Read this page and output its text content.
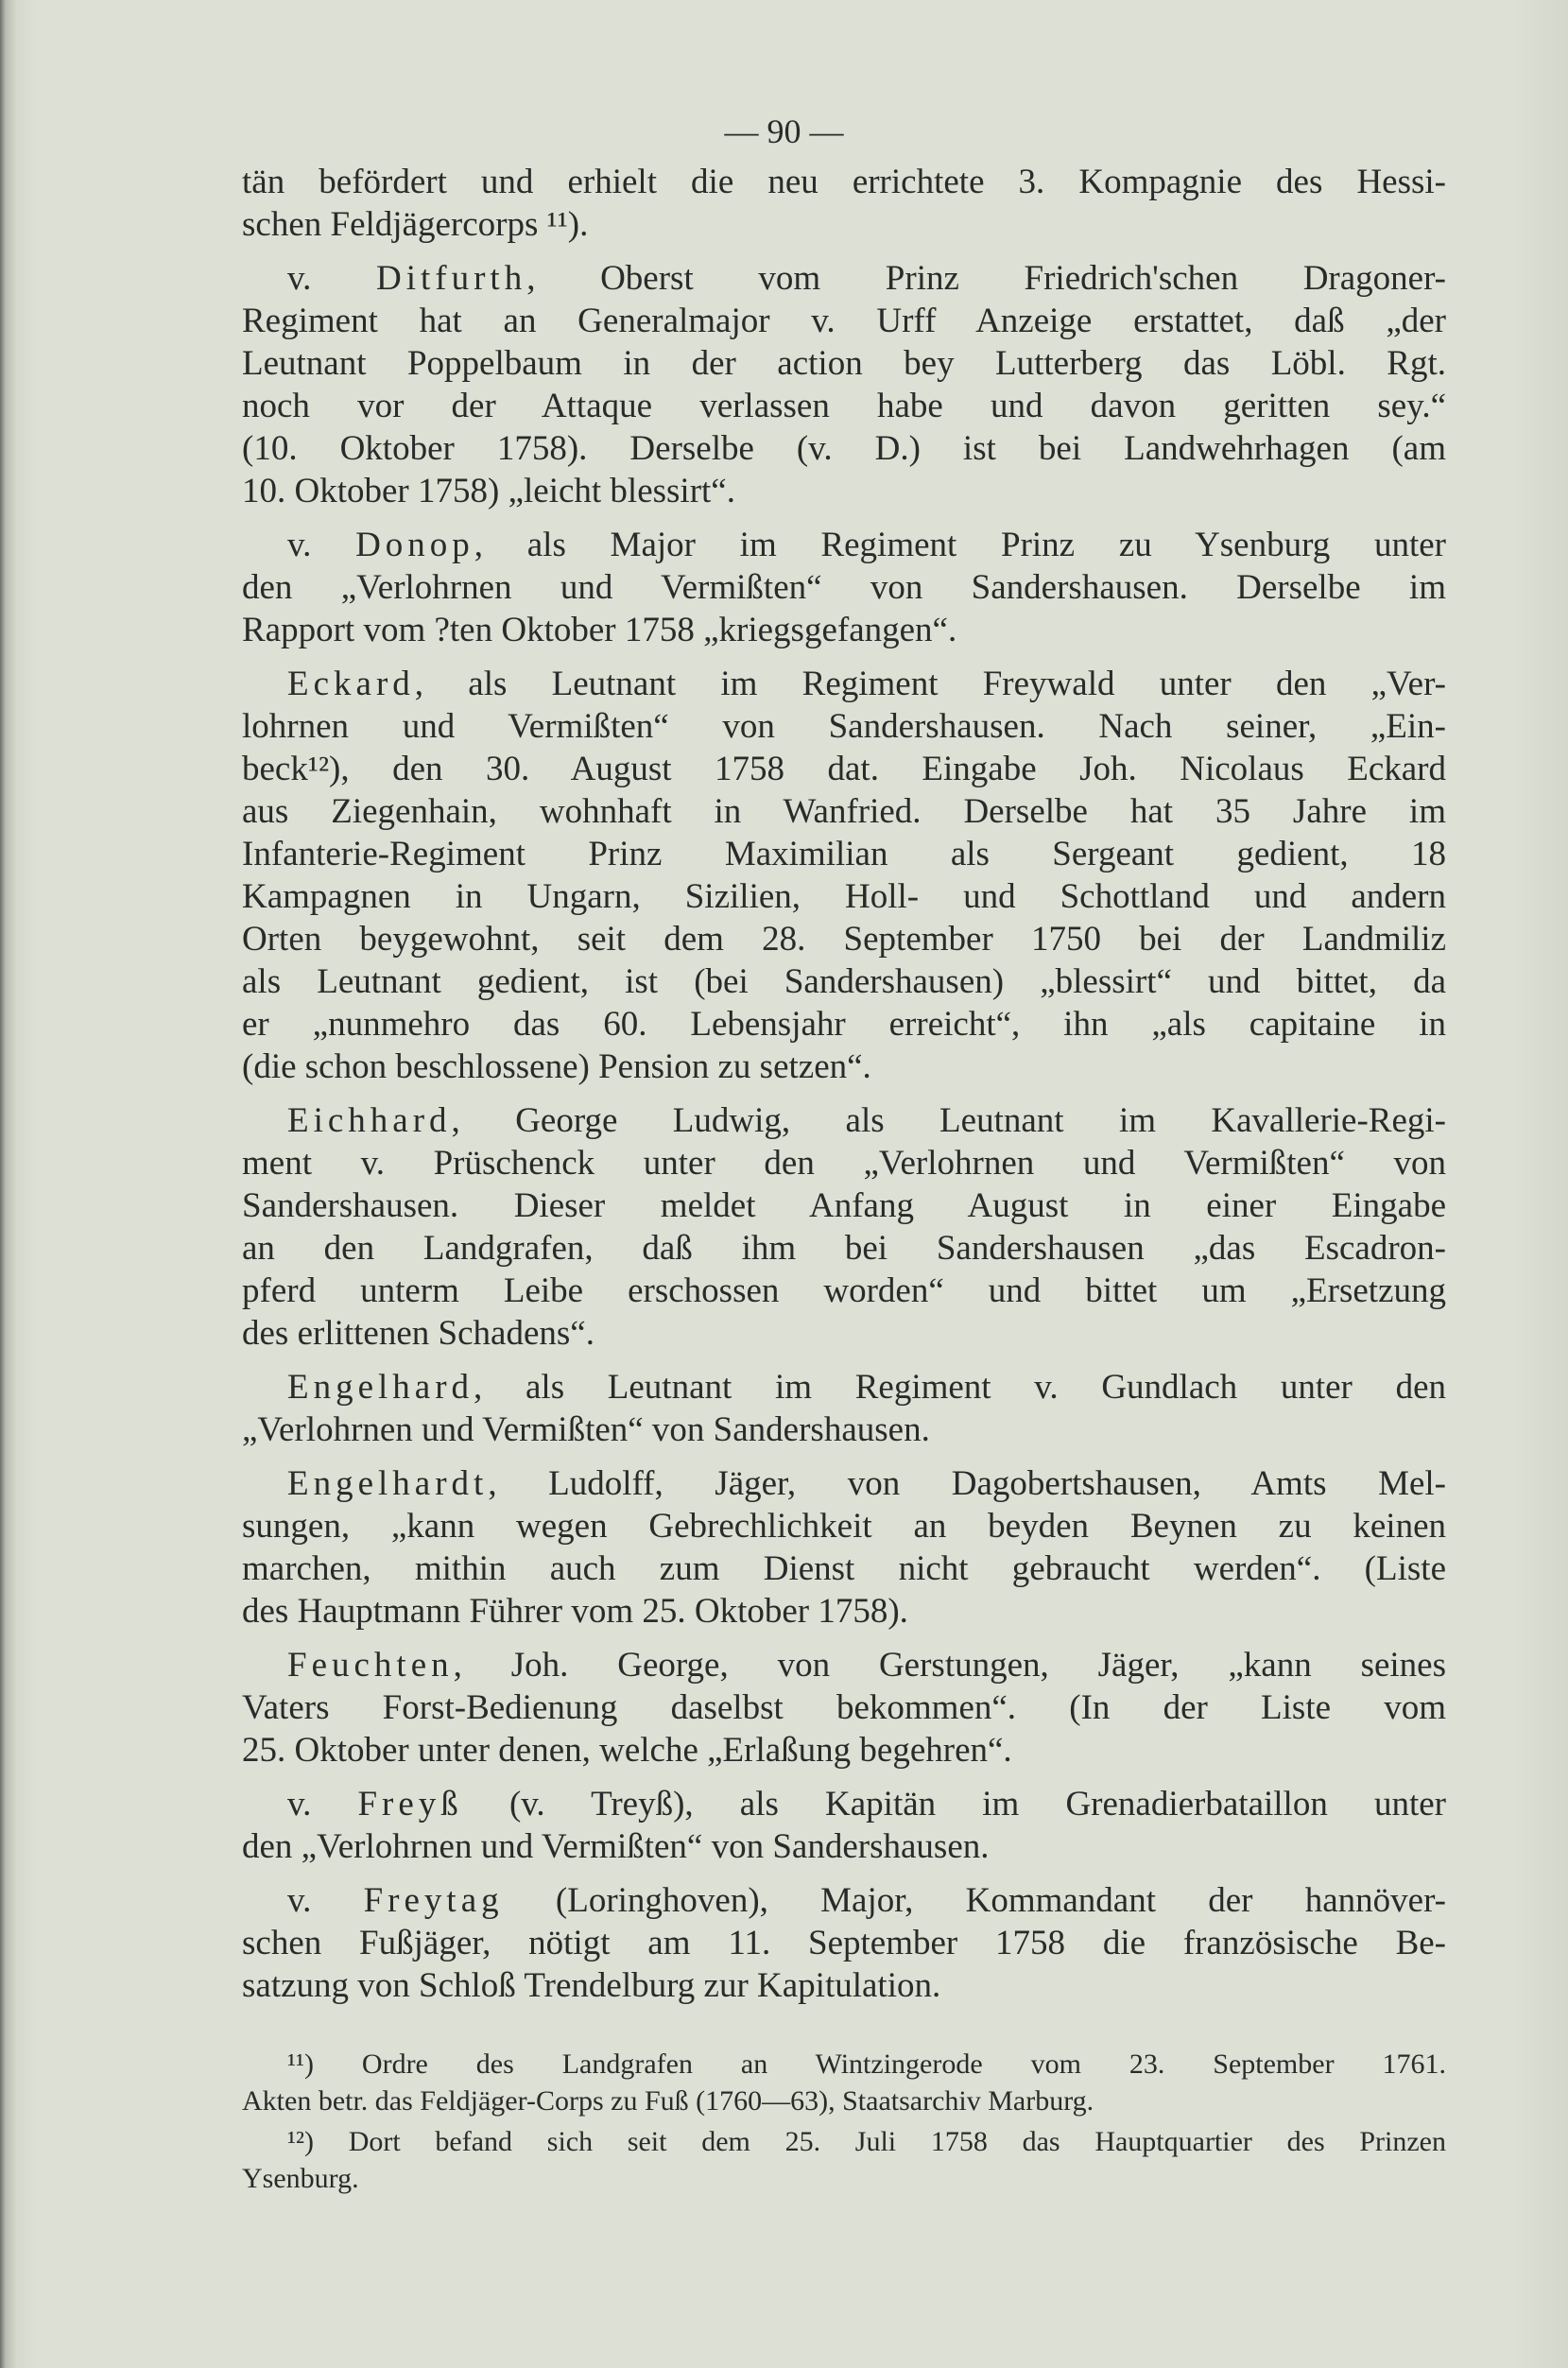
— 90 —
tän befördert und erhielt die neu errichtete 3. Kompagnie des Hessi-
schen Feldjägercorps ¹¹).
v. Ditfurth, Oberst vom Prinz Friedrich'schen Dragoner-
Regiment hat an Generalmajor v. Urff Anzeige erstattet, daß „der
Leutnant Poppelbaum in der action bey Lutterberg das Löbl. Rgt.
noch vor der Attaque verlassen habe und davon geritten sey.“
(10. Oktober 1758). Derselbe (v. D.) ist bei Landwehrhagen (am
10. Oktober 1758) „leicht blessirt“.
v. Donop, als Major im Regiment Prinz zu Ysenburg unter
den „Verlohrnen und Vermißten“ von Sandershausen. Derselbe im
Rapport vom ?ten Oktober 1758 „kriegsgefangen“.
Eckard, als Leutnant im Regiment Freywald unter den „Ver-
lohrnen und Vermißten“ von Sandershausen. Nach seiner, „Ein-
beck¹²), den 30. August 1758 dat. Eingabe Joh. Nicolaus Eckard
aus Ziegenhain, wohnhaft in Wanfried. Derselbe hat 35 Jahre im
Infanterie-Regiment Prinz Maximilian als Sergeant gedient, 18
Kampagnen in Ungarn, Sizilien, Holl- und Schottland und andern
Orten beygewohnt, seit dem 28. September 1750 bei der Landmiliz
als Leutnant gedient, ist (bei Sandershausen) „blessirt“ und bittet, da
er „nunmehro das 60. Lebensjahr erreicht“, ihn „als capitaine in
(die schon beschlossene) Pension zu setzen“.
Eichhard, George Ludwig, als Leutnant im Kavallerie-Regi-
ment v. Prüschenck unter den „Verlohrnen und Vermißten“ von
Sandershausen. Dieser meldet Anfang August in einer Eingabe
an den Landgrafen, daß ihm bei Sandershausen „das Escadron-
pferd unterm Leibe erschossen worden“ und bittet um „Ersetzung
des erlittenen Schadens“.
Engelhard, als Leutnant im Regiment v. Gundlach unter den
„Verlohrnen und Vermißten“ von Sandershausen.
Engelhardt, Ludolff, Jäger, von Dagobertshausen, Amts Mel-
sungen, „kann wegen Gebrechlichkeit an beyden Beynen zu keinen
marchen, mithin auch zum Dienst nicht gebraucht werden“. (Liste
des Hauptmann Führer vom 25. Oktober 1758).
Feuchten, Joh. George, von Gerstungen, Jäger, „kann seines
Vaters Forst-Bedienung daselbst bekommen“. (In der Liste vom
25. Oktober unter denen, welche „Erlaßung begehren“.
v. Freyß (v. Treyß), als Kapitän im Grenadierbataillon unter
den „Verlohrnen und Vermißten“ von Sandershausen.
v. Freytag (Loringhoven), Major, Kommandant der hannöver-
schen Fußjäger, nötigt am 11. September 1758 die französische Be-
satzung von Schloß Trendelburg zur Kapitulation.
¹¹) Ordre des Landgrafen an Wintzingerode vom 23. September 1761.
Akten betr. das Feldjäger-Corps zu Fuß (1760—63), Staatsarchiv Marburg.
¹²) Dort befand sich seit dem 25. Juli 1758 das Hauptquartier des Prinzen
Ysenburg.
